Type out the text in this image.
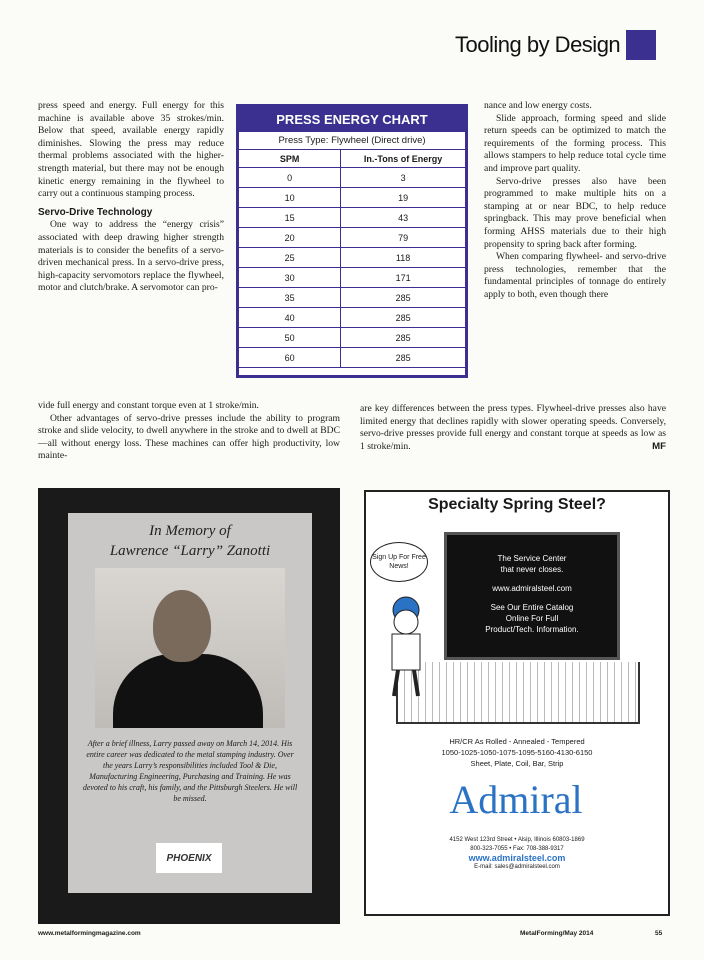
Tooling by Design

press speed and energy. Full energy for this machine is available above 35 strokes/min. Below that speed, available energy rapidly diminishes. Slowing the press may reduce thermal problems associated with the higher-strength material, but there may not be enough kinetic energy remaining in the flywheel to carry out a continuous stamping process.

Servo-Drive Technology

One way to address the “energy crisis” associated with deep drawing higher strength materials is to consider the benefits of a servo-driven mechanical press. In a servo-drive press, high-capacity servomotors replace the flywheel, motor and clutch/brake. A servomotor can pro-

vide full energy and constant torque even at 1 stroke/min.

Other advantages of servo-drive presses include the ability to program stroke and slide velocity, to dwell anywhere in the stroke and to dwell at BDC—all without energy loss. These machines can offer high productivity, low mainte-

nance and low energy costs.

Slide approach, forming speed and slide return speeds can be optimized to match the requirements of the forming process. This allows stampers to help reduce total cycle time and improve part quality.

Servo-drive presses also have been programmed to make multiple hits on a stamping at or near BDC, to help reduce springback. This may prove beneficial when forming AHSS materials due to their high propensity to spring back after forming.

When comparing flywheel- and servo-drive press technologies, remember that the fundamental principles of tonnage do entirely apply to both, even though there

are key differences between the press types. Flywheel-drive presses also have limited energy that declines rapidly with slower operating speeds. Conversely, servo-drive presses provide full energy and constant torque at speeds as low as 1 stroke/min.	MF

PRESS ENERGY CHART
Press Type: Flywheel (Direct drive)
SPM	In.-Tons of Energy
0	3
10	19
15	43
20	79
25	118
30	171
35	285
40	285
50	285
60	285
In Memory of
Lawrence “Larry” Zanotti
After a brief illness, Larry passed away on March 14, 2014. His entire career was dedicated to the metal stamping industry. Over the years Larry’s responsibilities included Tool & Die, Manufacturing Engineering, Purchasing and Training. He was devoted to his craft, his family, and the Pittsburgh Steelers. He will be missed.
PHOENIX
Specialty Spring Steel?
Sign Up For Free News!

The Service Center

that never closes.

www.admiralsteel.com

See Our Entire Catalog

Online For Full

Product/Tech. Information.

HR/CR As Rolled - Annealed - Tempered

1050-1025-1050-1075-1095-5160-4130-6150

Sheet, Plate, Coil, Bar, Strip

Admiral

4152 West 123rd Street • Alsip, Illinois 60803-1869

800-323-7055 • Fax: 708-388-9317

www.admiralsteel.com

E-mail: sales@admiralsteel.com

www.metalformingmagazine.com	MetalForming/May 2014	55
